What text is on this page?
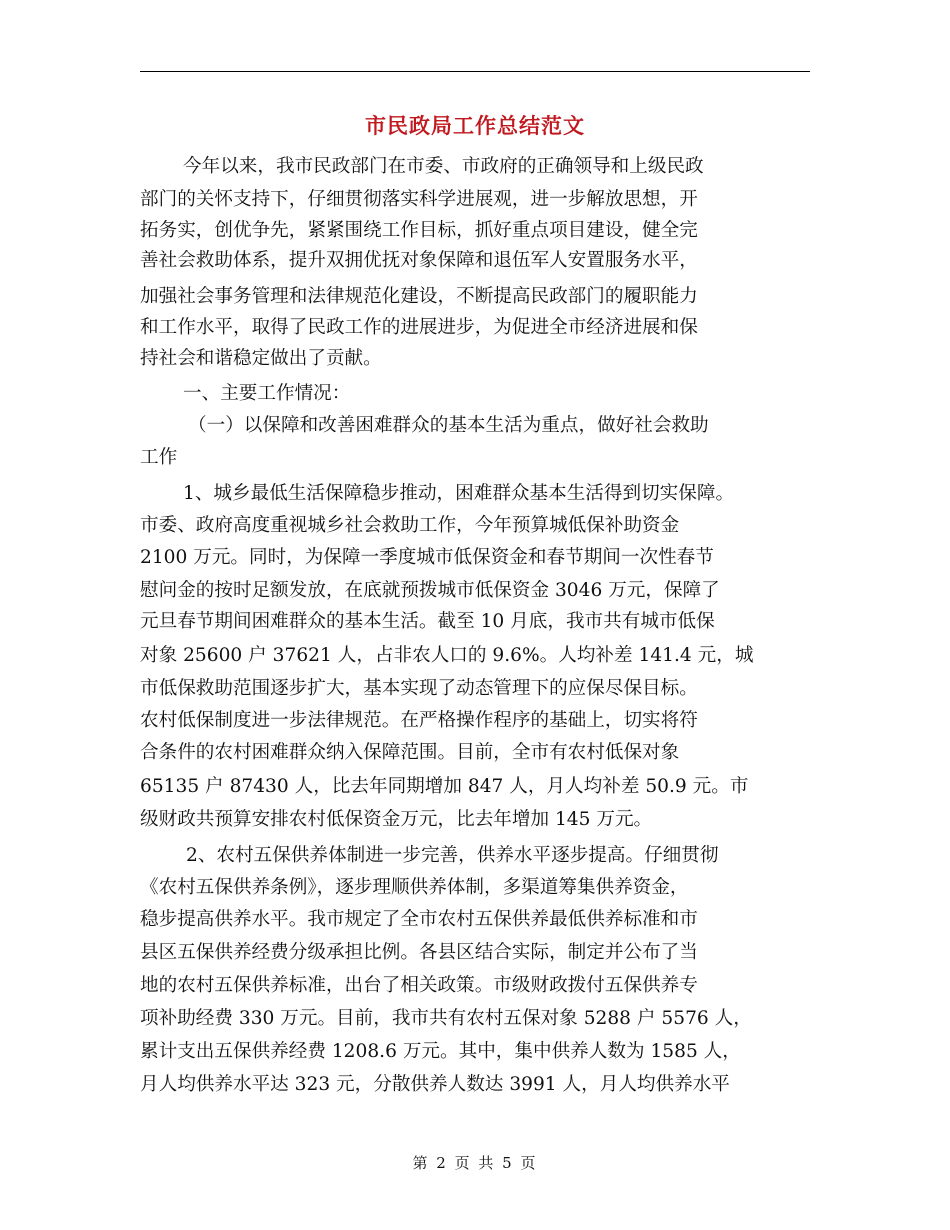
市民政局工作总结范文
今年以来，我市民政部门在市委、市政府的正确领导和上级民政
部门的关怀支持下，仔细贯彻落实科学进展观，进一步解放思想，开
拓务实，创优争先，紧紧围绕工作目标，抓好重点项目建设，健全完
善社会救助体系，提升双拥优抚对象保障和退伍军人安置服务水平，
加强社会事务管理和法律规范化建设，不断提高民政部门的履职能力
和工作水平，取得了民政工作的进展进步，为促进全市经济进展和保
持社会和谐稳定做出了贡献。
一、主要工作情况：
（一）以保障和改善困难群众的基本生活为重点，做好社会救助
工作
1、城乡最低生活保障稳步推动，困难群众基本生活得到切实保障。
市委、政府高度重视城乡社会救助工作，今年预算城低保补助资金
2100 万元。同时，为保障一季度城市低保资金和春节期间一次性春节
慰问金的按时足额发放，在底就预拨城市低保资金 3046 万元，保障了
元旦春节期间困难群众的基本生活。截至 10 月底，我市共有城市低保
对象 25600 户 37621 人，占非农人口的 9.6%。人均补差 141.4 元，城
市低保救助范围逐步扩大，基本实现了动态管理下的应保尽保目标。
农村低保制度进一步法律规范。在严格操作程序的基础上，切实将符
合条件的农村困难群众纳入保障范围。目前，全市有农村低保对象
65135 户 87430 人，比去年同期增加 847 人，月人均补差 50.9 元。市
级财政共预算安排农村低保资金万元，比去年增加 145 万元。
2、农村五保供养体制进一步完善，供养水平逐步提高。仔细贯彻
《农村五保供养条例》，逐步理顺供养体制，多渠道筹集供养资金，
稳步提高供养水平。我市规定了全市农村五保供养最低供养标准和市
县区五保供养经费分级承担比例。各县区结合实际，制定并公布了当
地的农村五保供养标准，出台了相关政策。市级财政拨付五保供养专
项补助经费 330 万元。目前，我市共有农村五保对象 5288 户 5576 人，
累计支出五保供养经费 1208.6 万元。其中，集中供养人数为 1585 人，
月人均供养水平达 323 元，分散供养人数达 3991 人，月人均供养水平
第 2 页 共 5 页
